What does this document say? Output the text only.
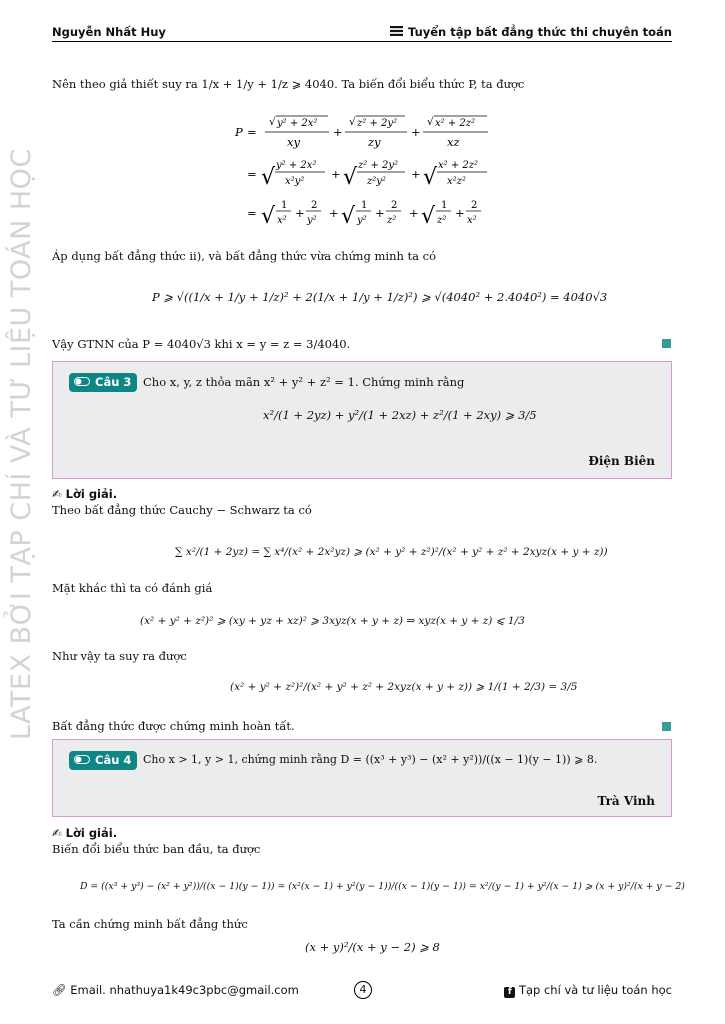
Nguyễn Nhất Huy	Tuyển tập bất đẳng thức thi chuyên toán
LATEX BỞI TẠP CHÍ VÀ TƯ LIỆU TOÁN HỌC
Nên theo giả thiết suy ra 1/x + 1/y + 1/z ⩾ 4040. Ta biến đổi biểu thức P, ta được
P =
√ y² + 2x²
xy
+
√ z² + 2y²
zy
+
√ x² + 2z²
xz
= √ y² + 2x²
x²y²
+ √ z² + 2y²
z²y²
+ √ x² + 2z²
x²z²
= √ 1
x²
+
2
y²
+ √ 1
y²
+
2
z²
+ √ 1
z²
+
2
x²
Áp dụng bất đẳng thức ii), và bất đẳng thức vừa chứng minh ta có
P ⩾ √((1/x + 1/y + 1/z)² + 2(1/x + 1/y + 1/z)²) ⩾ √(4040² + 2.4040²) = 4040√3
Vậy GTNN của P = 4040√3 khi x = y = z = 3/4040.
Câu 3	Cho x, y, z thỏa mãn x² + y² + z² = 1. Chứng minh rằng
x²/(1 + 2yz) + y²/(1 + 2xz) + z²/(1 + 2xy) ⩾ 3/5
Điện Biên
✍ Lời giải.
Theo bất đẳng thức Cauchy − Schwarz ta có
∑ x²/(1 + 2yz) = ∑ x⁴/(x² + 2x²yz) ⩾ (x² + y² + z²)²/(x² + y² + z² + 2xyz(x + y + z))
Mặt khác thì ta có đánh giá
(x² + y² + z²)² ⩾ (xy + yz + xz)² ⩾ 3xyz(x + y + z) ⇒ xyz(x + y + z) ⩽ 1/3
Như vậy ta suy ra được
(x² + y² + z²)²/(x² + y² + z² + 2xyz(x + y + z)) ⩾ 1/(1 + 2/3) = 3/5
Bất đẳng thức được chứng minh hoàn tất.
Câu 4	Cho x > 1, y > 1, chứng minh rằng D = ((x³ + y³) − (x² + y²))/((x − 1)(y − 1)) ⩾ 8.
Trà Vinh
✍ Lời giải.
Biến đổi biểu thức ban đầu, ta được
D = ((x³ + y³) − (x² + y²))/((x − 1)(y − 1)) = (x²(x − 1) + y²(y − 1))/((x − 1)(y − 1)) = x²/(y − 1) + y²/(x − 1) ⩾ (x + y)²/(x + y − 2)
Ta cần chứng minh bất đẳng thức
(x + y)²/(x + y − 2) ⩾ 8
🔗︎ Email. nhathuya1k49c3pbc@gmail.com	4	f Tạp chí và tư liệu toán học
